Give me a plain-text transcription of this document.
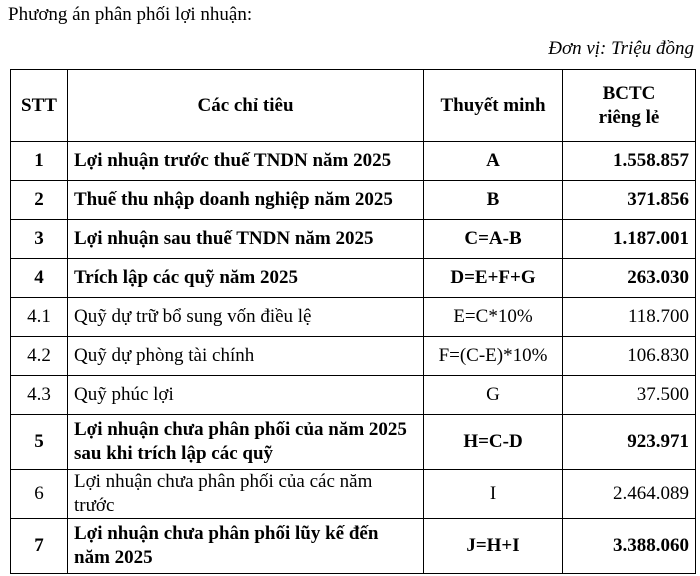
Phương án phân phối lợi nhuận:
Đơn vị: Triệu đồng
STT	Các chỉ tiêu	Thuyết minh	BCTC
riêng lẻ
1	Lợi nhuận trước thuế TNDN năm 2025	A	1.558.857
2	Thuế thu nhập doanh nghiệp năm 2025	B	371.856
3	Lợi nhuận sau thuế TNDN năm 2025	C=A-B	1.187.001
4	Trích lập các quỹ năm 2025	D=E+F+G	263.030
4.1	Quỹ dự trữ bổ sung vốn điều lệ	E=C*10%	118.700
4.2	Quỹ dự phòng tài chính	F=(C-E)*10%	106.830
4.3	Quỹ phúc lợi	G	37.500
5	Lợi nhuận chưa phân phối của năm 2025 sau khi trích lập các quỹ	H=C-D	923.971
6	Lợi nhuận chưa phân phối của các năm trước	I	2.464.089
7	Lợi nhuận chưa phân phối lũy kế đến năm 2025	J=H+I	3.388.060
